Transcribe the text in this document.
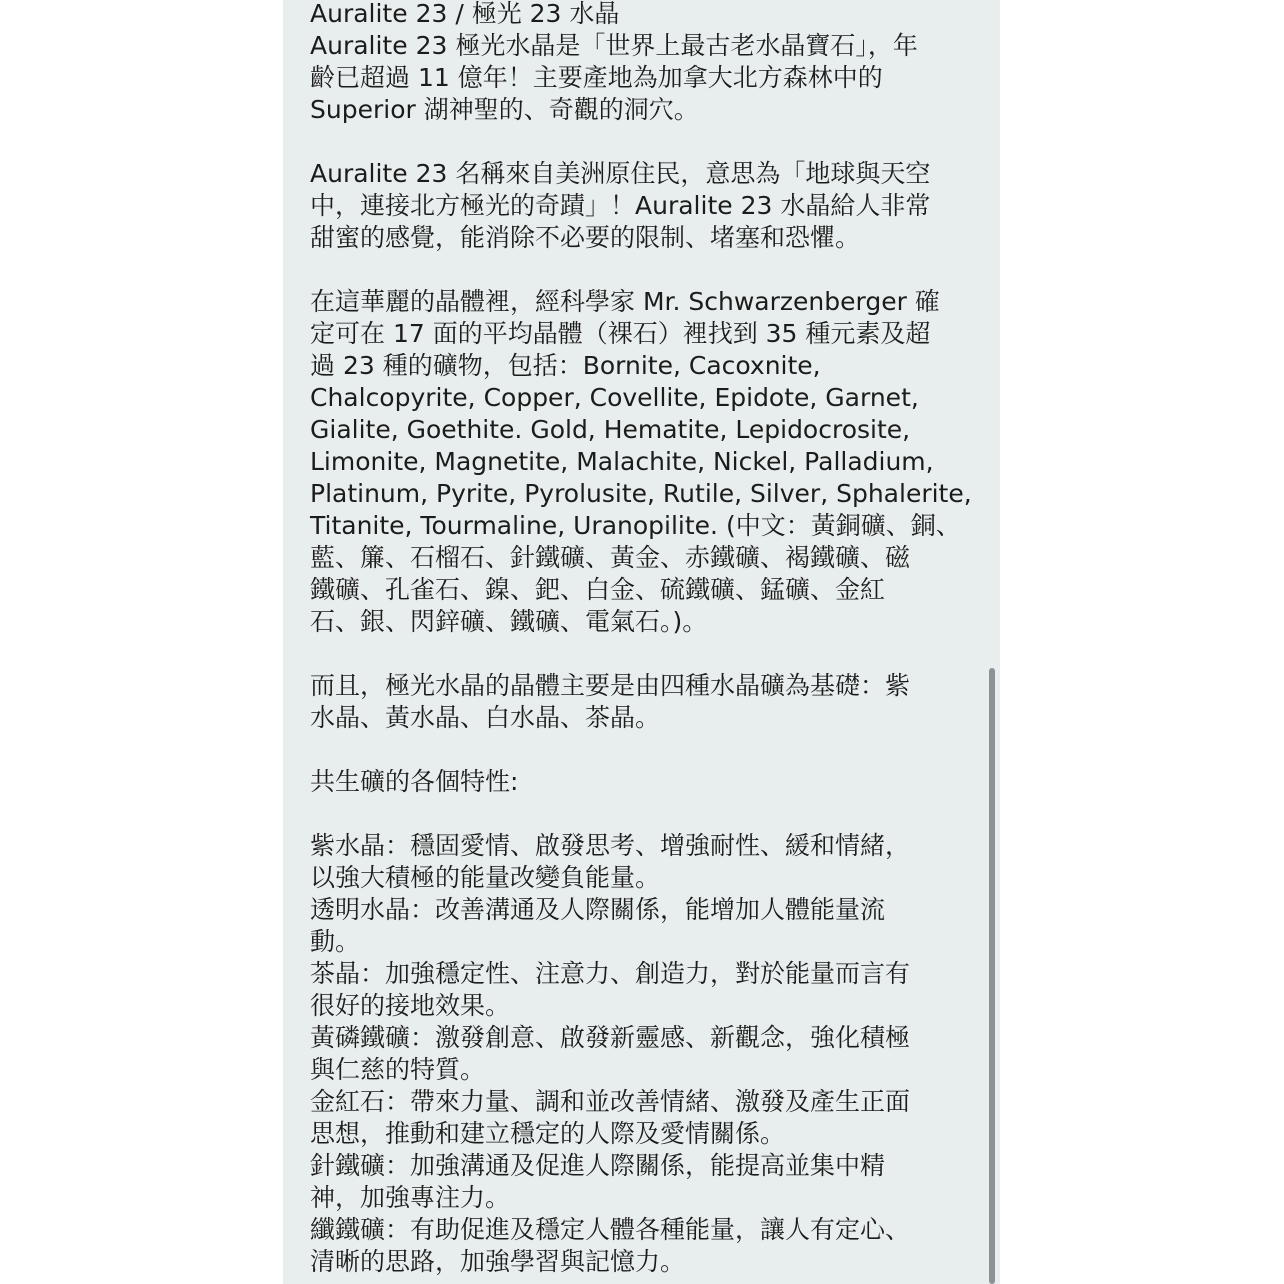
Auralite 23 / 極光 23 水晶
Auralite 23 極光水晶是「世界上最古老水晶寶石」，年
齡已超過 11 億年！主要產地為加拿大北方森林中的
Superior 湖神聖的、奇觀的洞穴。
Auralite 23 名稱來自美洲原住民，意思為「地球與天空
中，連接北方極光的奇蹟」！Auralite 23 水晶給人非常
甜蜜的感覺，能消除不必要的限制、堵塞和恐懼。
在這華麗的晶體裡，經科學家 Mr. Schwarzenberger 確
定可在 17 面的平均晶體（裸石）裡找到 35 種元素及超
過 23 種的礦物，包括：Bornite, Cacoxnite,
Chalcopyrite, Copper, Covellite, Epidote, Garnet,
Gialite, Goethite. Gold, Hematite, Lepidocrosite,
Limonite, Magnetite, Malachite, Nickel, Palladium,
Platinum, Pyrite, Pyrolusite, Rutile, Silver, Sphalerite,
Titanite, Tourmaline, Uranopilite. (中文：黃銅礦、銅、
藍、簾、石榴石、針鐵礦、黃金、赤鐵礦、褐鐵礦、磁
鐵礦、孔雀石、鎳、鈀、白金、硫鐵礦、錳礦、金紅
石、銀、閃鋅礦、鐵礦、電氣石。)。
而且，極光水晶的晶體主要是由四種水晶礦為基礎：紫
水晶、黃水晶、白水晶、茶晶。
共生礦的各個特性:
紫水晶：穩固愛情、啟發思考、增強耐性、緩和情緒，
以強大積極的能量改變負能量。
透明水晶：改善溝通及人際關係，能增加人體能量流
動。
茶晶：加強穩定性、注意力、創造力，對於能量而言有
很好的接地效果。
黃磷鐵礦：激發創意、啟發新靈感、新觀念，強化積極
與仁慈的特質。
金紅石：帶來力量、調和並改善情緒、激發及產生正面
思想，推動和建立穩定的人際及愛情關係。
針鐵礦：加強溝通及促進人際關係，能提高並集中精
神，加強專注力。
纖鐵礦：有助促進及穩定人體各種能量，讓人有定心、
清晰的思路，加強學習與記憶力。
